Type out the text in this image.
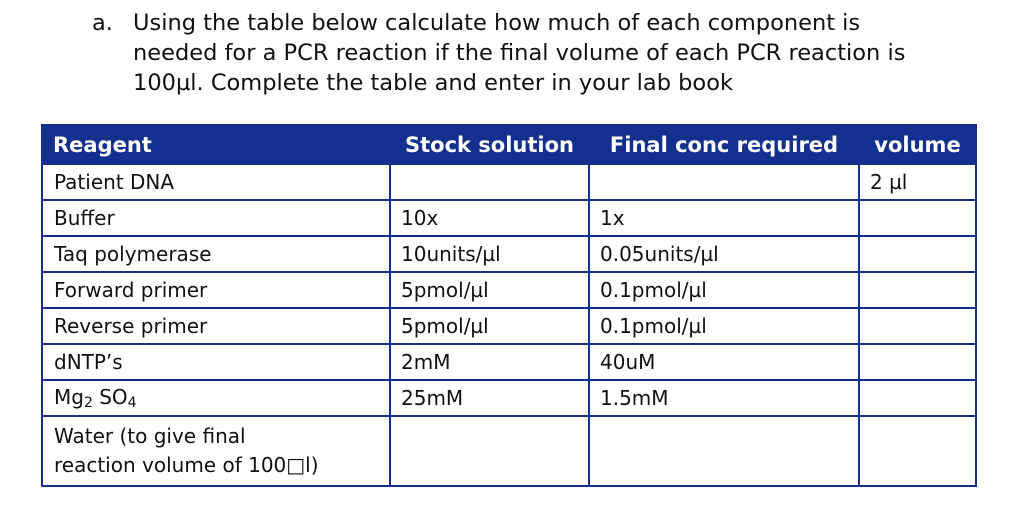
a. Using the table below calculate how much of each component is
needed for a PCR reaction if the final volume of each PCR reaction is
100µl. Complete the table and enter in your lab book
Reagent	Stock solution	Final conc required	volume
Patient DNA			2 µl
Buffer	10x	1x	
Taq polymerase	10units/µl	0.05units/µl	
Forward primer	5pmol/µl	0.1pmol/µl	
Reverse primer	5pmol/µl	0.1pmol/µl	
dNTP’s	2mM	40uM	
$Mg_2$ $SO_4$	25mM	1.5mM	
Water (to give final
reaction volume of 100□l)			
